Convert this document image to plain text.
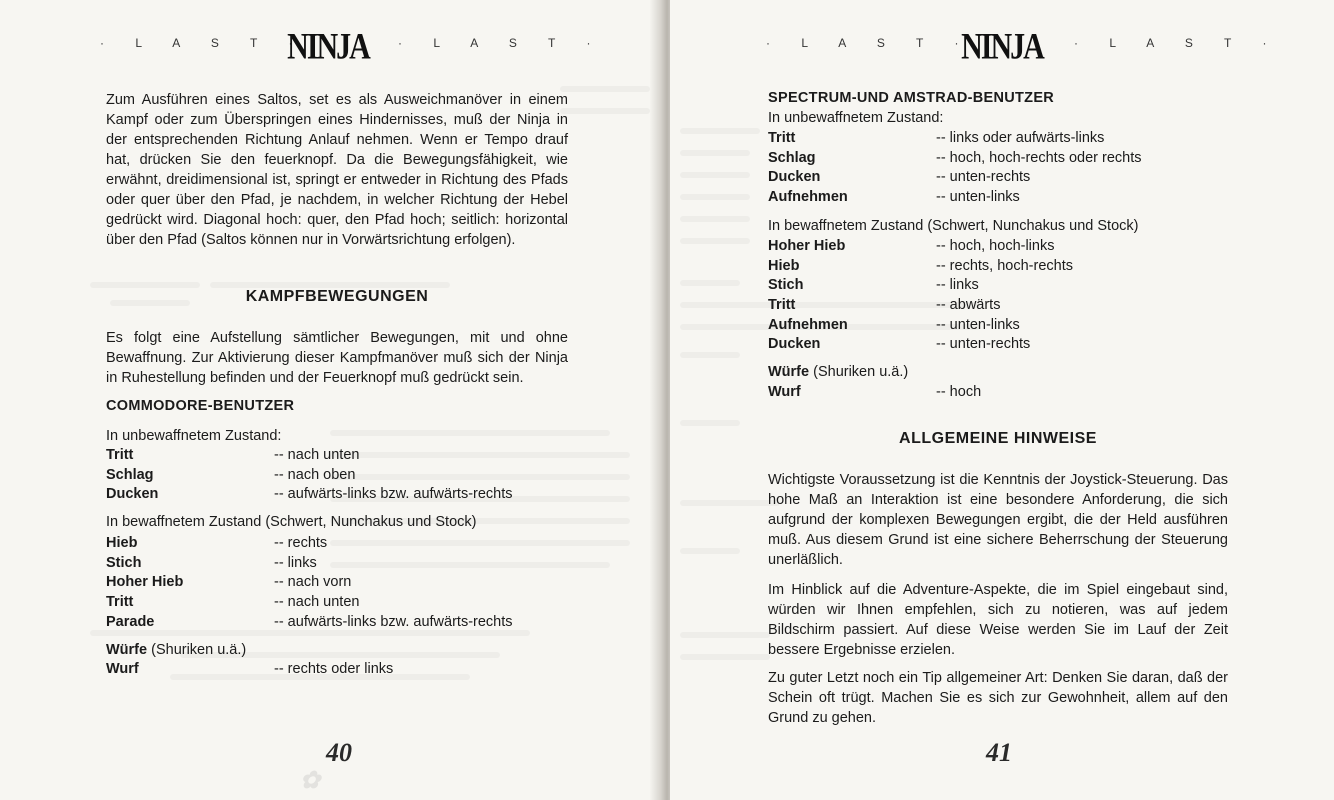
· L A S T ·
NINJA · L A S T ·

Zum Ausführen eines Saltos, set es als Ausweichmanöver in einem Kampf oder zum Überspringen eines Hindernisses, muß der Ninja in der entsprechenden Richtung Anlauf nehmen. Wenn er Tempo drauf hat, drücken Sie den feuerknopf. Da die Bewegungsfähigkeit, wie erwähnt, dreidimensional ist, springt er entweder in Richtung des Pfads oder quer über den Pfad, je nachdem, in welcher Richtung der Hebel gedrückt wird. Diagonal hoch: quer, den Pfad hoch; seitlich: horizontal über den Pfad (Saltos können nur in Vorwärtsrichtung erfolgen).

KAMPFBEWEGUNGEN

Es folgt eine Aufstellung sämtlicher Bewegungen, mit und ohne Bewaffnung. Zur Aktivierung dieser Kampfmanöver muß sich der Ninja in Ruhestellung befinden und der Feuerknopf muß gedrückt sein.

COMMODORE-BENUTZER
In unbewaffnetem Zustand:
Tritt	-- nach unten
Schlag	-- nach oben
Ducken	-- aufwärts-links bzw. aufwärts-rechts
In bewaffnetem Zustand (Schwert, Nunchakus und Stock)
Hieb	-- rechts
Stich	-- links
Hoher Hieb	-- nach vorn
Tritt	-- nach unten
Parade	-- aufwärts-links bzw. aufwärts-rechts
Würfe (Shuriken u.ä.)
Wurf	-- rechts oder links
40
✿
· L A S T ·
NINJA	· L A S T ·
SPECTRUM-UND AMSTRAD-BENUTZER
In unbewaffnetem Zustand:
Tritt	-- links oder aufwärts-links
Schlag	-- hoch, hoch-rechts oder rechts
Ducken	-- unten-rechts
Aufnehmen	-- unten-links
In bewaffnetem Zustand (Schwert, Nunchakus und Stock)
Hoher Hieb	-- hoch, hoch-links
Hieb	-- rechts, hoch-rechts
Stich	-- links
Tritt	-- abwärts
Aufnehmen	-- unten-links
Ducken	-- unten-rechts
Würfe (Shuriken u.ä.)
Wurf	-- hoch
ALLGEMEINE HINWEISE

Wichtigste Voraussetzung ist die Kenntnis der Joystick-Steuerung. Das hohe Maß an Interaktion ist eine besondere Anforderung, die sich aufgrund der komplexen Bewegungen ergibt, die der Held ausführen muß. Aus diesem Grund ist eine sichere Beherrschung der Steuerung unerläßlich.

Im Hinblick auf die Adventure-Aspekte, die im Spiel eingebaut sind, würden wir Ihnen empfehlen, sich zu notieren, was auf jedem Bildschirm passiert. Auf diese Weise werden Sie im Lauf der Zeit bessere Ergebnisse erzielen.

Zu guter Letzt noch ein Tip allgemeiner Art: Denken Sie daran, daß der Schein oft trügt. Machen Sie es sich zur Gewohnheit, allem auf den Grund zu gehen.

41
